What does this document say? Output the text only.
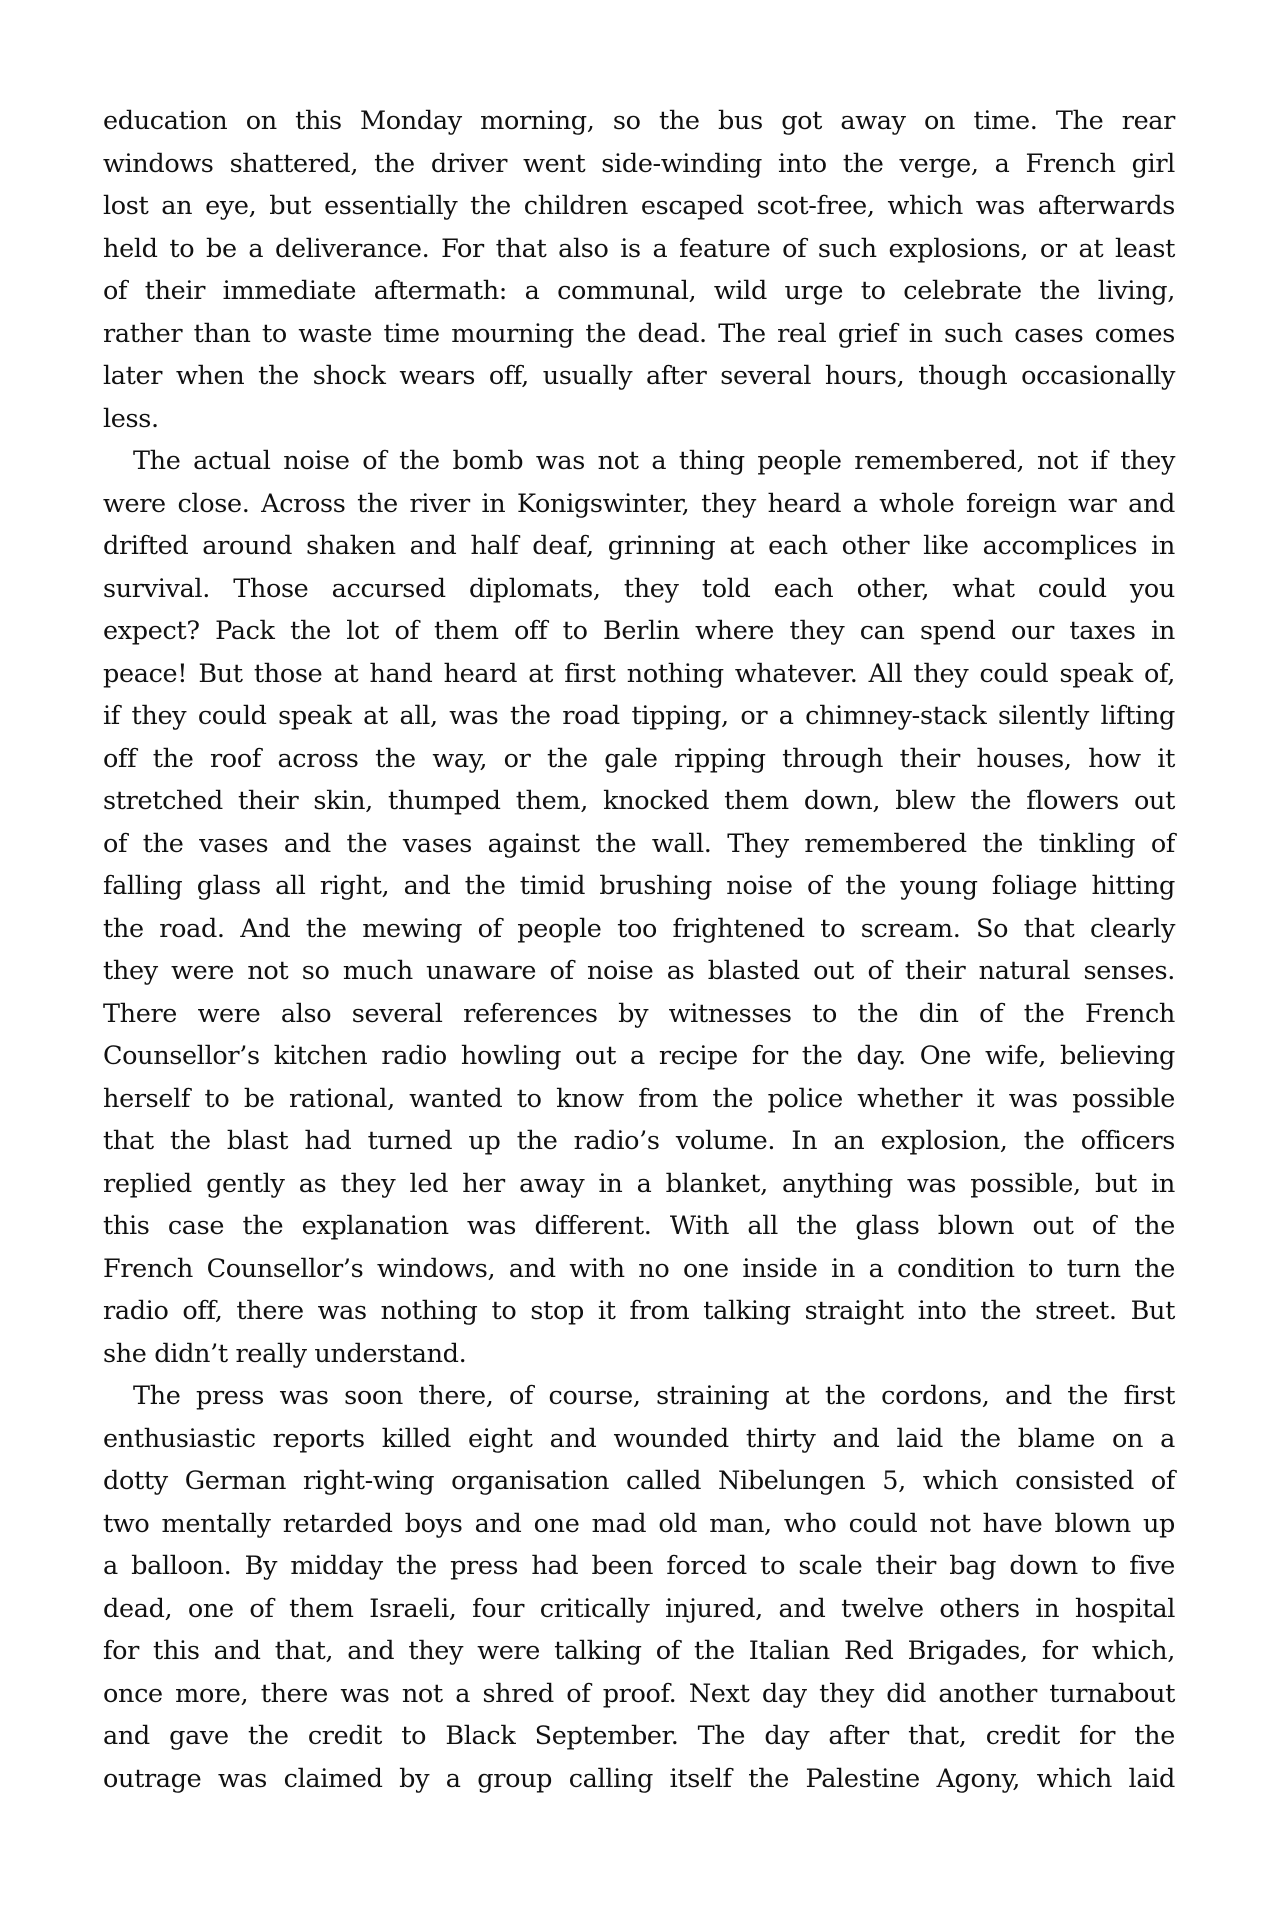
education on this Monday morning, so the bus got away on time. The rear
windows shattered, the driver went side-winding into the verge, a French girl
lost an eye, but essentially the children escaped scot-free, which was afterwards
held to be a deliverance. For that also is a feature of such explosions, or at least
of their immediate aftermath: a communal, wild urge to celebrate the living,
rather than to waste time mourning the dead. The real grief in such cases comes
later when the shock wears off, usually after several hours, though occasionally
less.
The actual noise of the bomb was not a thing people remembered, not if they
were close. Across the river in Konigswinter, they heard a whole foreign war and
drifted around shaken and half deaf, grinning at each other like accomplices in
survival. Those accursed diplomats, they told each other, what could you
expect? Pack the lot of them off to Berlin where they can spend our taxes in
peace! But those at hand heard at first nothing whatever. All they could speak of,
if they could speak at all, was the road tipping, or a chimney-stack silently lifting
off the roof across the way, or the gale ripping through their houses, how it
stretched their skin, thumped them, knocked them down, blew the flowers out
of the vases and the vases against the wall. They remembered the tinkling of
falling glass all right, and the timid brushing noise of the young foliage hitting
the road. And the mewing of people too frightened to scream. So that clearly
they were not so much unaware of noise as blasted out of their natural senses.
There were also several references by witnesses to the din of the French
Counsellor’s kitchen radio howling out a recipe for the day. One wife, believing
herself to be rational, wanted to know from the police whether it was possible
that the blast had turned up the radio’s volume. In an explosion, the officers
replied gently as they led her away in a blanket, anything was possible, but in
this case the explanation was different. With all the glass blown out of the
French Counsellor’s windows, and with no one inside in a condition to turn the
radio off, there was nothing to stop it from talking straight into the street. But
she didn’t really understand.
The press was soon there, of course, straining at the cordons, and the first
enthusiastic reports killed eight and wounded thirty and laid the blame on a
dotty German right-wing organisation called Nibelungen 5, which consisted of
two mentally retarded boys and one mad old man, who could not have blown up
a balloon. By midday the press had been forced to scale their bag down to five
dead, one of them Israeli, four critically injured, and twelve others in hospital
for this and that, and they were talking of the Italian Red Brigades, for which,
once more, there was not a shred of proof. Next day they did another turnabout
and gave the credit to Black September. The day after that, credit for the
outrage was claimed by a group calling itself the Palestine Agony, which laid
